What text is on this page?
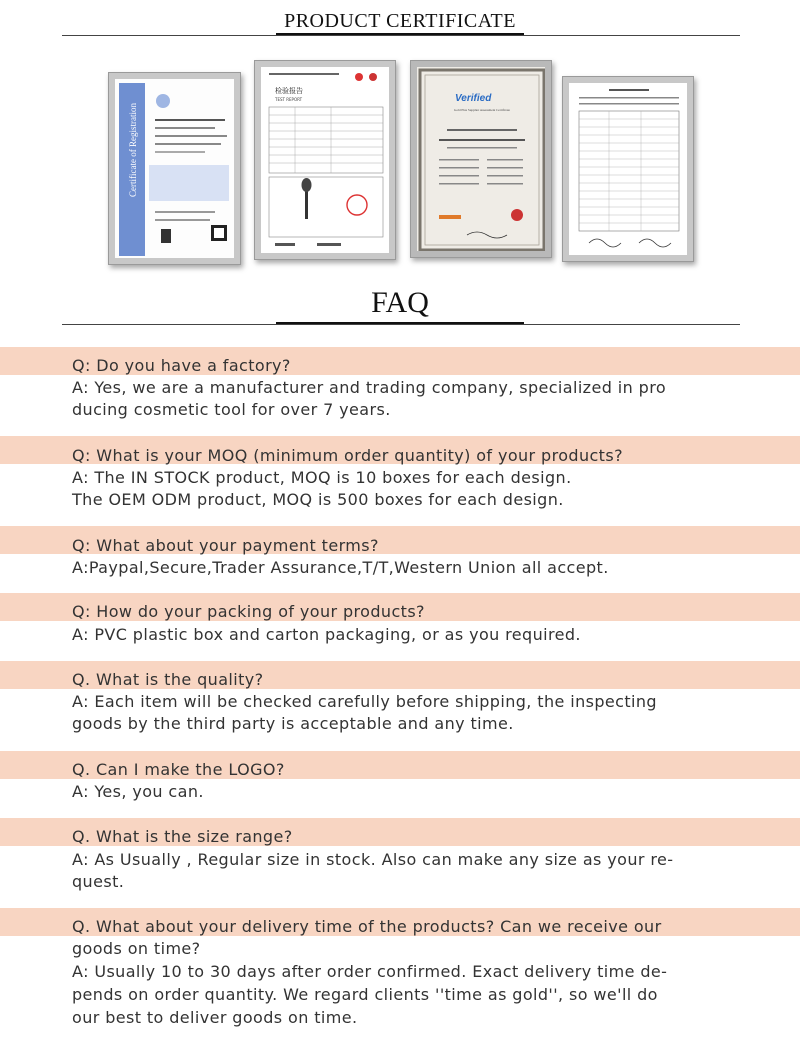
PRODUCT CERTIFICATE
Certificate of Registration
检验报告
TEST REPORT	Verified
Gold Plus Supplier Assessment Certificate
FAQ
Q: Do you have a factory?
A: Yes, we are a manufacturer and trading company, specialized in pro
ducing cosmetic tool for over 7 years.
Q: What is your MOQ (minimum order quantity) of your products?
A: The IN STOCK product, MOQ is 10 boxes for each design.
The OEM ODM product, MOQ is 500 boxes for each design.
Q: What about your payment terms?
A:Paypal,Secure,Trader Assurance,T/T,Western Union all accept.
Q: How do your packing of your products?
A: PVC plastic box and carton packaging, or as you required.
Q. What is the quality?
A: Each item will be checked carefully before shipping, the inspecting
goods by the third party is acceptable and any time.
Q. Can I make the LOGO?
A: Yes, you can.
Q. What is the size range?
A: As Usually , Regular size in stock. Also can make any size as your re-
quest.
Q. What about your delivery time of the products? Can we receive our
goods on time?
A: Usually 10 to 30 days after order confirmed. Exact delivery time de-
pends on order quantity. We regard clients ''time as gold'', so we'll do
our best to deliver goods on time.
